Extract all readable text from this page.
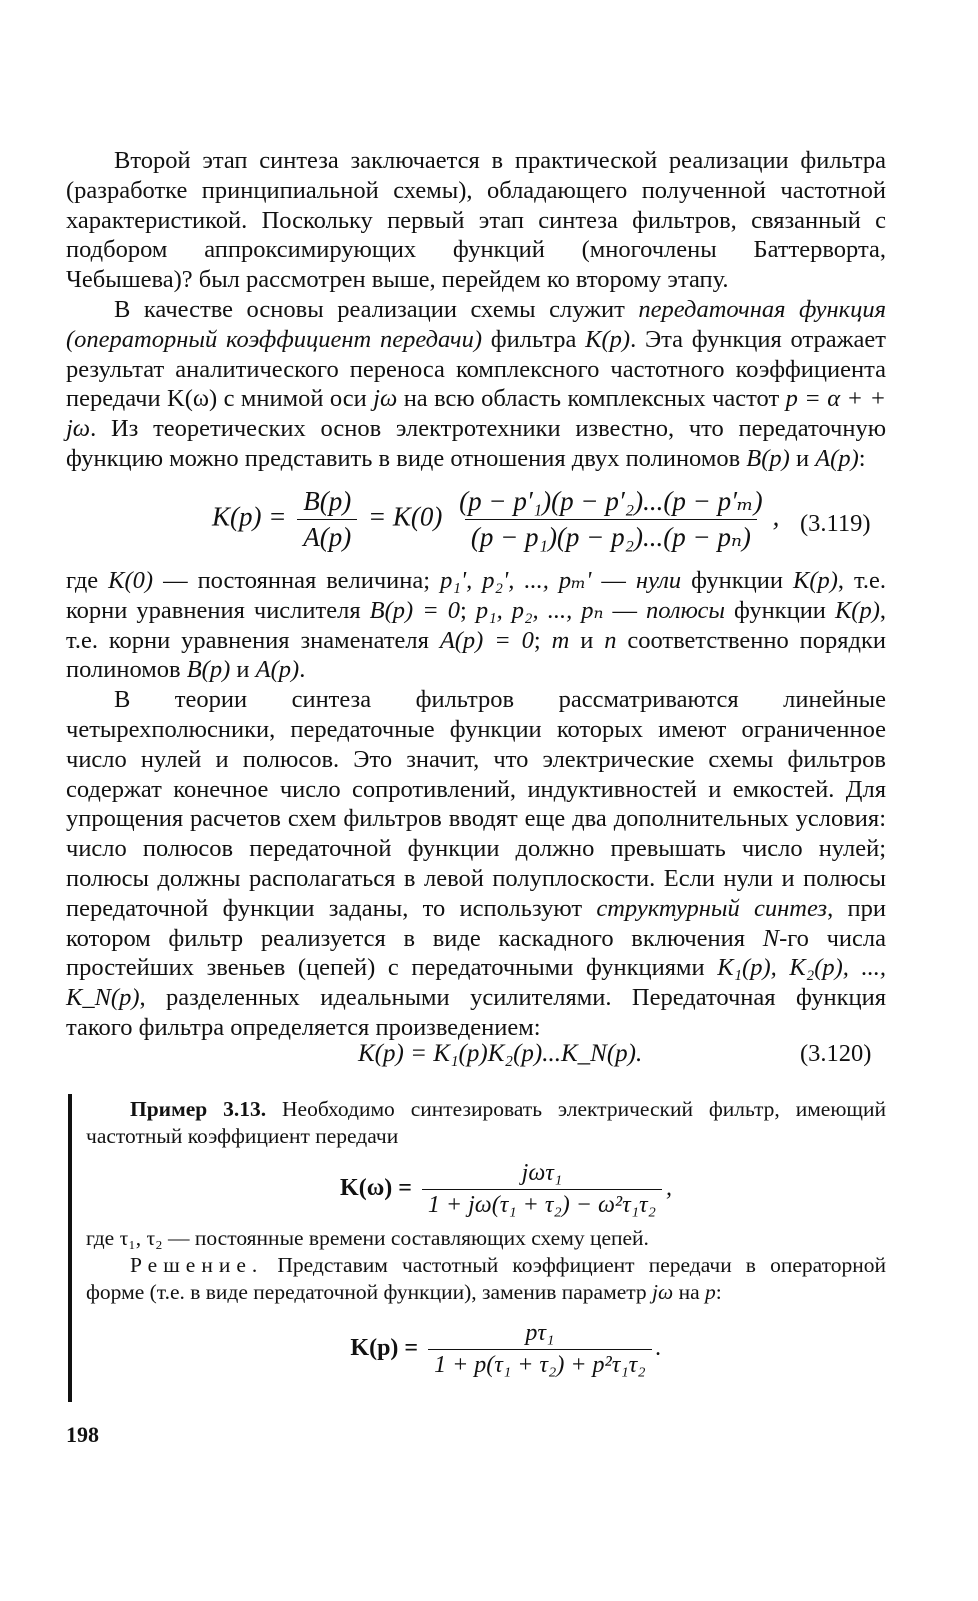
Второй этап синтеза заключается в практической реализации фильтра (разработке принципиальной схемы), обладающего полученной частотной характеристикой. Поскольку первый этап синтеза фильтров, связанный с подбором аппроксимирующих функций (многочлены Баттерворта, Чебышева)? был рассмотрен выше, перейдем ко второму этапу.

В качестве основы реализации схемы служит передаточная функция (операторный коэффициент передачи) фильтра K(p). Эта функция отражает результат аналитического переноса комплексного частотного коэффициента передачи K(ω) с мнимой оси jω на всю область комплексных частот p = α + + jω. Из теоретических основ электротехники известно, что передаточную функцию можно представить в виде отношения двух полиномов B(p) и A(p):

$K(p) = \frac{B(p)}{A(p)} = K(0) \frac{\text{(p − p′₁)(p − p′₂)...(p − p′ₘ)}}{\text{(p − p₁)(p − p₂)...(p − pₙ)}}$ , (3.119)

где K(0) — постоянная величина; p₁', p₂', ..., pₘ' — нули функции K(p), т.е. корни уравнения числителя B(p) = 0; p₁, p₂, ..., pₙ — полюсы функции K(p), т.е. корни уравнения знаменателя A(p) = 0; m и n соответственно порядки полиномов B(p) и A(p).

В теории синтеза фильтров рассматриваются линейные четырехполюсники, передаточные функции которых имеют ограниченное число нулей и полюсов. Это значит, что электрические схемы фильтров содержат конечное число сопротивлений, индуктивностей и емкостей. Для упрощения расчетов схем фильтров вводят еще два дополнительных условия: число полюсов передаточной функции должно превышать число нулей; полюсы должны располагаться в левой полуплоскости. Если нули и полюсы передаточной функции заданы, то используют структурный синтез, при котором фильтр реализуется в виде каскадного включения N-го числа простейших звеньев (цепей) с передаточными функциями K₁(p), K₂(p), ..., K_N(p), разделенных идеальными усилителями. Передаточная функция такого фильтра определяется произведением:

K(p) = K₁(p)K₂(p)...K_N(p).	(3.120)

Пример 3.13. Необходимо синтезировать электрический фильтр, имеющий частотный коэффициент передачи

$K(\omega) = \frac{\text{jωτ₁}}{\text{1 + jω(τ₁ + τ₂) − ω²τ₁τ₂}}$ ,

где τ₁, τ₂ — постоянные времени составляющих схему цепей.

Решение. Представим частотный коэффициент передачи в операторной форме (т.е. в виде передаточной функции), заменив параметр jω на p:

$K(p) = \frac{\text{pτ₁}}{\text{1 + p(τ₁ + τ₂) + p²τ₁τ₂}}$ .
198
